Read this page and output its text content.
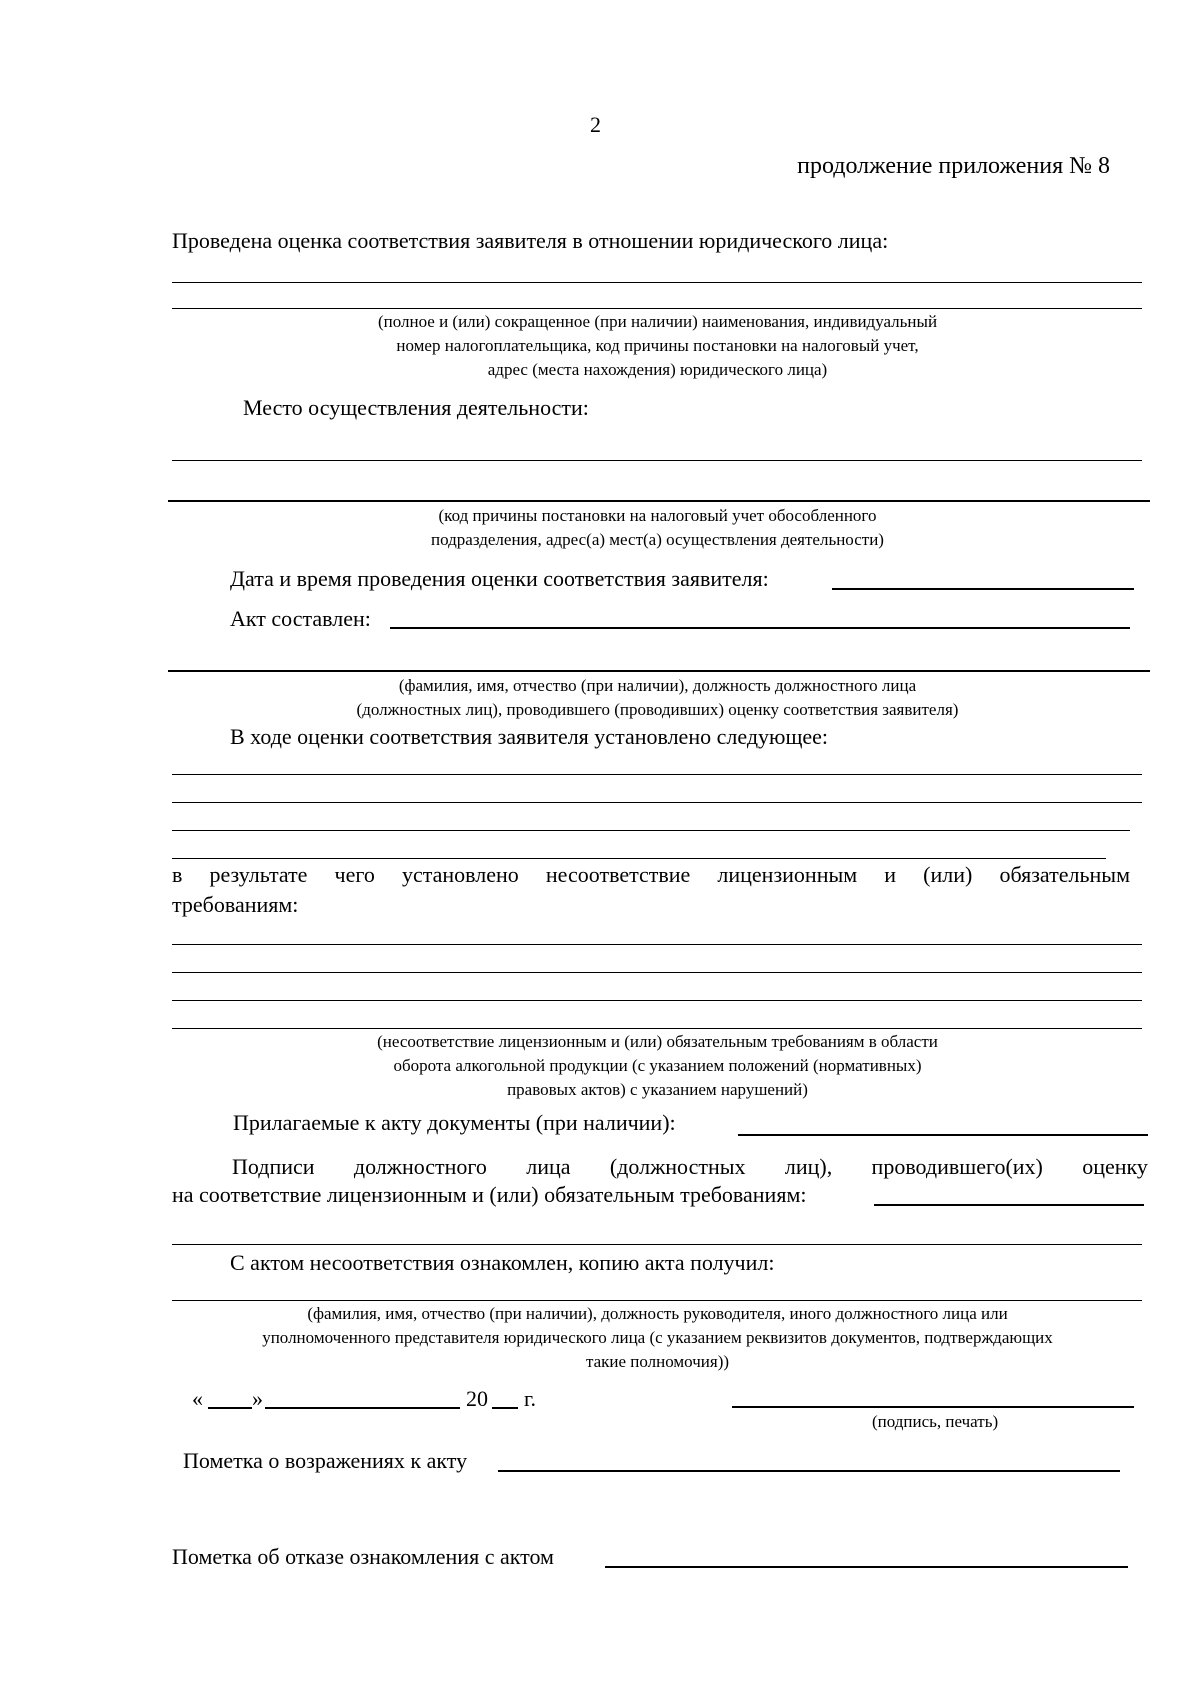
2
продолжение приложения № 8
Проведена оценка соответствия заявителя в отношении юридического лица:
(полное и (или) сокращенное (при наличии) наименования, индивидуальный
номер налогоплательщика, код причины постановки на налоговый учет,
адрес (места нахождения) юридического лица)
Место осуществления деятельности:
(код причины постановки на налоговый учет обособленного
подразделения, адрес(а) мест(а) осуществления деятельности)
Дата и время проведения оценки соответствия заявителя:
Акт составлен:
(фамилия, имя, отчество (при наличии), должность должностного лица
(должностных лиц), проводившего (проводивших) оценку соответствия заявителя)
В ходе оценки соответствия заявителя установлено следующее:
в результате чего установлено несоответствие лицензионным и (или) обязательным
требованиям:
(несоответствие лицензионным и (или) обязательным требованиям в области
оборота алкогольной продукции (с указанием положений (нормативных)
правовых актов) с указанием нарушений)
Прилагаемые к акту документы (при наличии):
Подписи должностного лица (должностных лиц), проводившего(их) оценку
на соответствие лицензионным и (или) обязательным требованиям:
С актом несоответствия ознакомлен, копию акта получил:
(фамилия, имя, отчество (при наличии), должность руководителя, иного должностного лица или
уполномоченного представителя юридического лица (с указанием реквизитов документов, подтверждающих
такие полномочия))
« »	20 г.
(подпись, печать)
Пометка о возражениях к акту
Пометка об отказе ознакомления с актом
